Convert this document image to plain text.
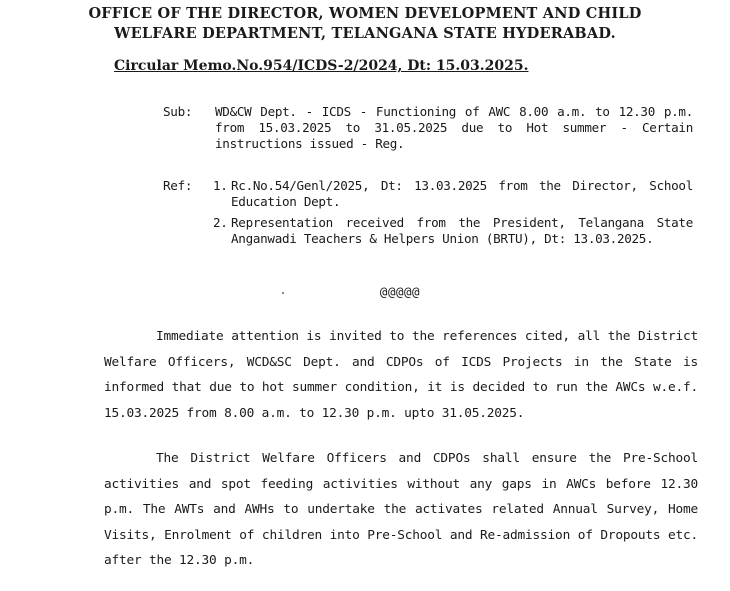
OFFICE OF THE DIRECTOR, WOMEN DEVELOPMENT AND CHILD
WELFARE DEPARTMENT, TELANGANA STATE HYDERABAD.
Circular Memo.No.954/ICDS-2/2024, Dt: 15.03.2025.
Sub:	WD&CW Dept. - ICDS - Functioning of AWC 8.00 a.m. to 12.30 p.m. from 15.03.2025 to 31.05.2025 due to Hot summer - Certain instructions issued - Reg.
Ref:	1. Rc.No.54/Genl/2025, Dt: 13.03.2025 from the Director, School Education Dept.
2. Representation received from the President, Telangana State Anganwadi Teachers & Helpers Union (BRTU), Dt: 13.03.2025.
@@@@@
Immediate attention is invited to the references cited, all the District Welfare Officers, WCD&SC Dept. and CDPOs of ICDS Projects in the State is informed that due to hot summer condition, it is decided to run the AWCs w.e.f. 15.03.2025 from 8.00 a.m. to 12.30 p.m. upto 31.05.2025.
The District Welfare Officers and CDPOs shall ensure the Pre-School activities and spot feeding activities without any gaps in AWCs before 12.30 p.m. The AWTs and AWHs to undertake the activates related Annual Survey, Home Visits, Enrolment of children into Pre-School and Re-admission of Dropouts etc. after the 12.30 p.m.
